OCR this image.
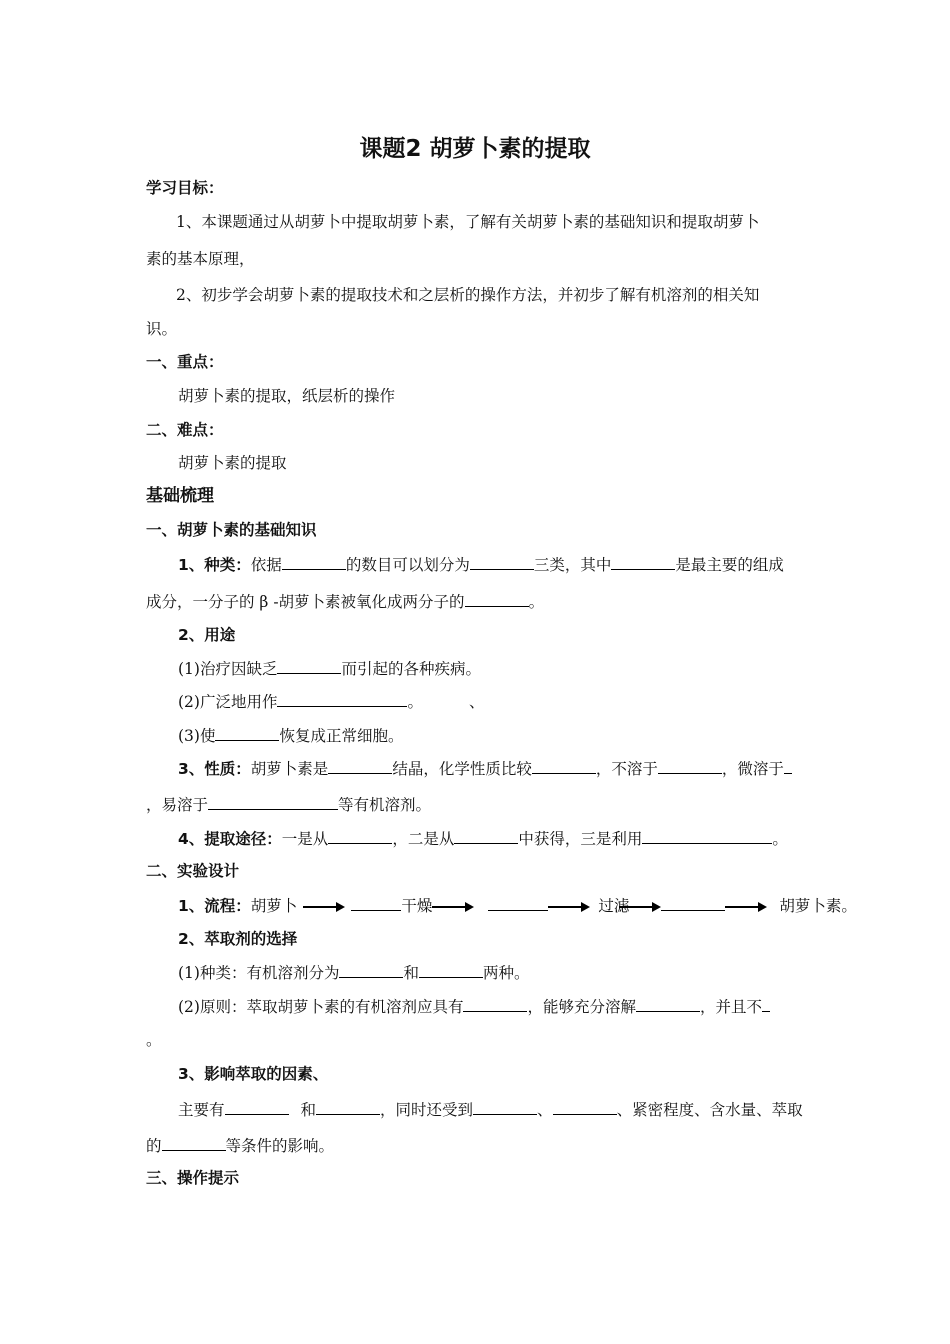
课题2 胡萝卜素的提取
学习目标：
1、本课题通过从胡萝卜中提取胡萝卜素，了解有关胡萝卜素的基础知识和提取胡萝卜
素的基本原理，
2、初步学会胡萝卜素的提取技术和之层析的操作方法，并初步了解有机溶剂的相关知
识。
一、重点：
胡萝卜素的提取，纸层析的操作
二、难点：
胡萝卜素的提取
基础梳理
一、胡萝卜素的基础知识
1、种类：依据	的数目可以划分为	三类，其中	是最主要的组成
成分，一分子的 β -胡萝卜素被氧化成两分子的	。
2、用途
(1)治疗因缺乏	而引起的各种疾病。
(2)广泛地用作	。	、
(3)使	恢复成正常细胞。
3、性质：胡萝卜素是	结晶，化学性质比较	，不溶于	，微溶于
，易溶于	等有机溶剂。
4、提取途径：一是从	，二是从	中获得，三是利用	。
二、实验设计
1、流程：胡萝卜	干燥	过滤	胡萝卜素。
2、萃取剂的选择
(1)种类：有机溶剂分为	和	两种。
(2)原则：萃取胡萝卜素的有机溶剂应具有	，能够充分溶解	，并且不
。
3、影响萃取的因素、
主要有	和	，同时还受到	、	、紧密程度、含水量、萃取
的	等条件的影响。
三、操作提示
